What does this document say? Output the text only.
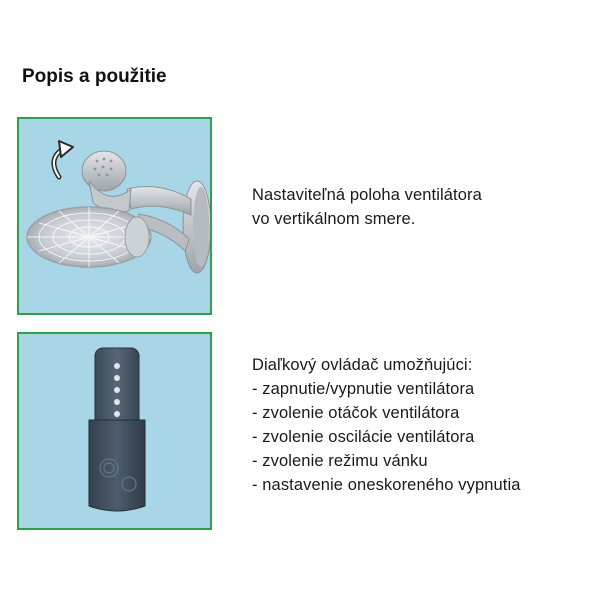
Popis a použitie
Nastaviteľná poloha ventilátora
vo vertikálnom smere.
Diaľkový ovládač umožňujúci:
- zapnutie/vypnutie ventilátora
- zvolenie otáčok ventilátora
- zvolenie oscilácie ventilátora
- zvolenie režimu vánku
- nastavenie oneskoreného vypnutia
